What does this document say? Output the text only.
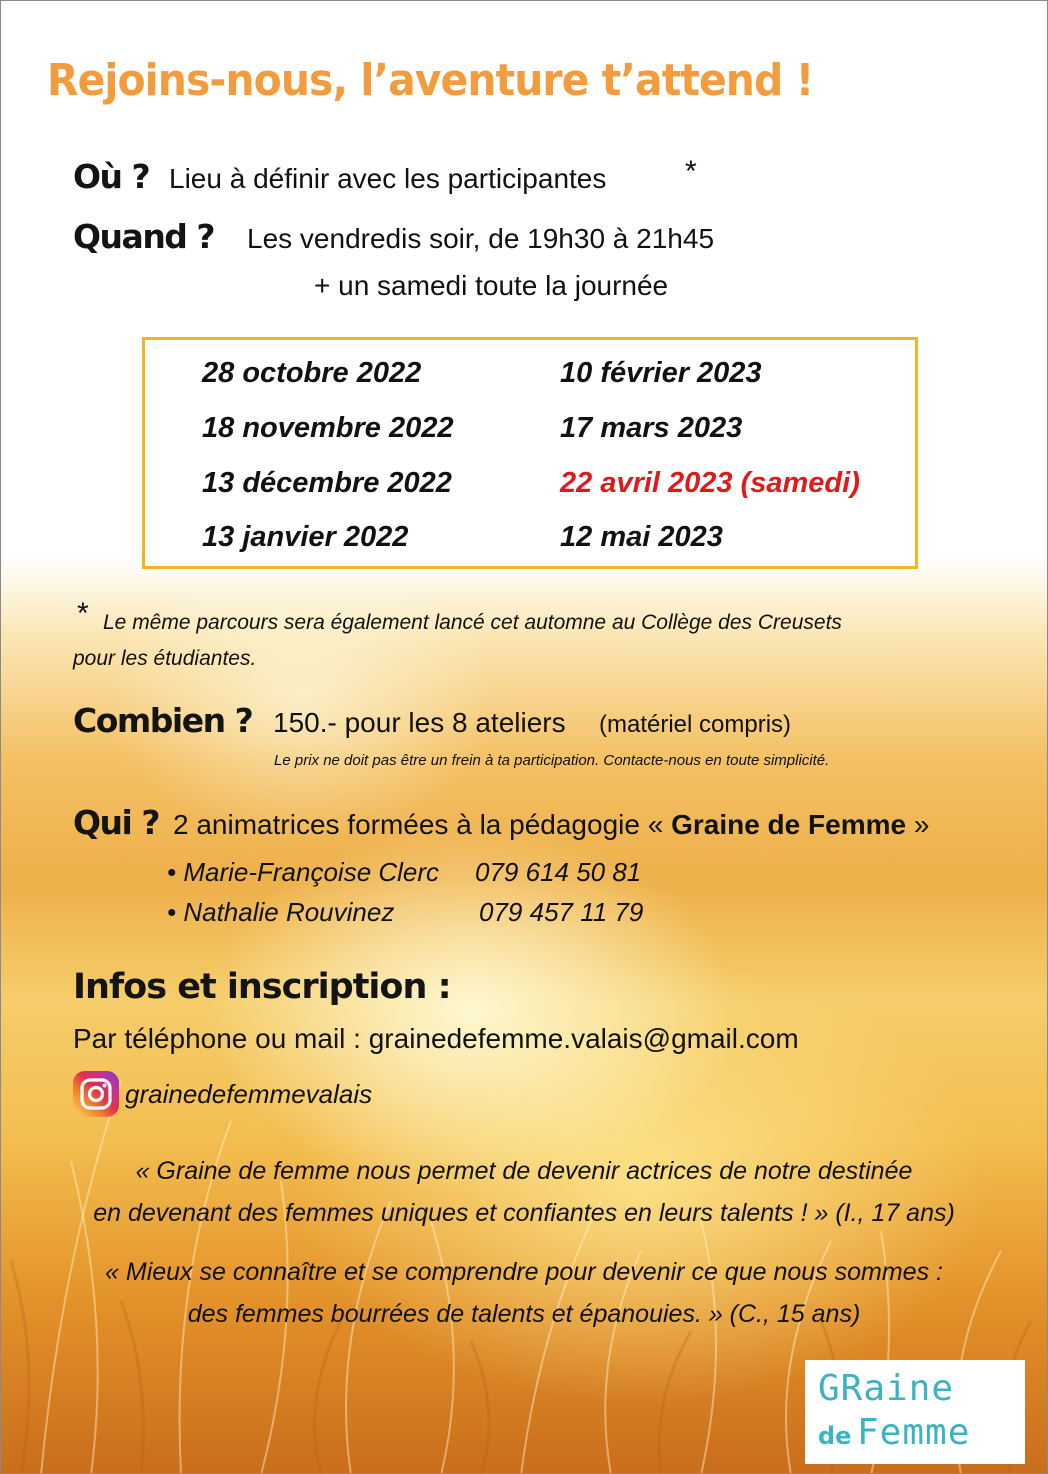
Rejoins-nous, l’aventure t’attend !
Où ? Lieu à définir avec les participantes	*
Quand ? Les vendredis soir, de 19h30 à 21h45
+ un samedi toute la journée
28 octobre 2022
18 novembre 2022
13 décembre 2022
13 janvier 2022
10 février 2023
17 mars 2023
22 avril 2023 (samedi)
12 mai 2023
* Le même parcours sera également lancé cet automne au Collège des Creusets
pour les étudiantes.
Combien ? 150.- pour les 8 ateliers (matériel compris)
Le prix ne doit pas être un frein à ta participation. Contacte-nous en toute simplicité.
Qui ? 2 animatrices formées à la pédagogie « Graine de Femme »
• Marie-Françoise Clerc 079 614 50 81
• Nathalie Rouvinez	079 457 11 79
Infos et inscription :
Par téléphone ou mail : grainedefemme.valais@gmail.com
grainedefemmevalais
« Graine de femme nous permet de devenir actrices de notre destinée
en devenant des femmes uniques et confiantes en leurs talents ! » (I., 17 ans)
« Mieux se connaître et se comprendre pour devenir ce que nous sommes :
des femmes bourrées de talents et épanouies. » (C., 15 ans)
GRaine
de Femme
